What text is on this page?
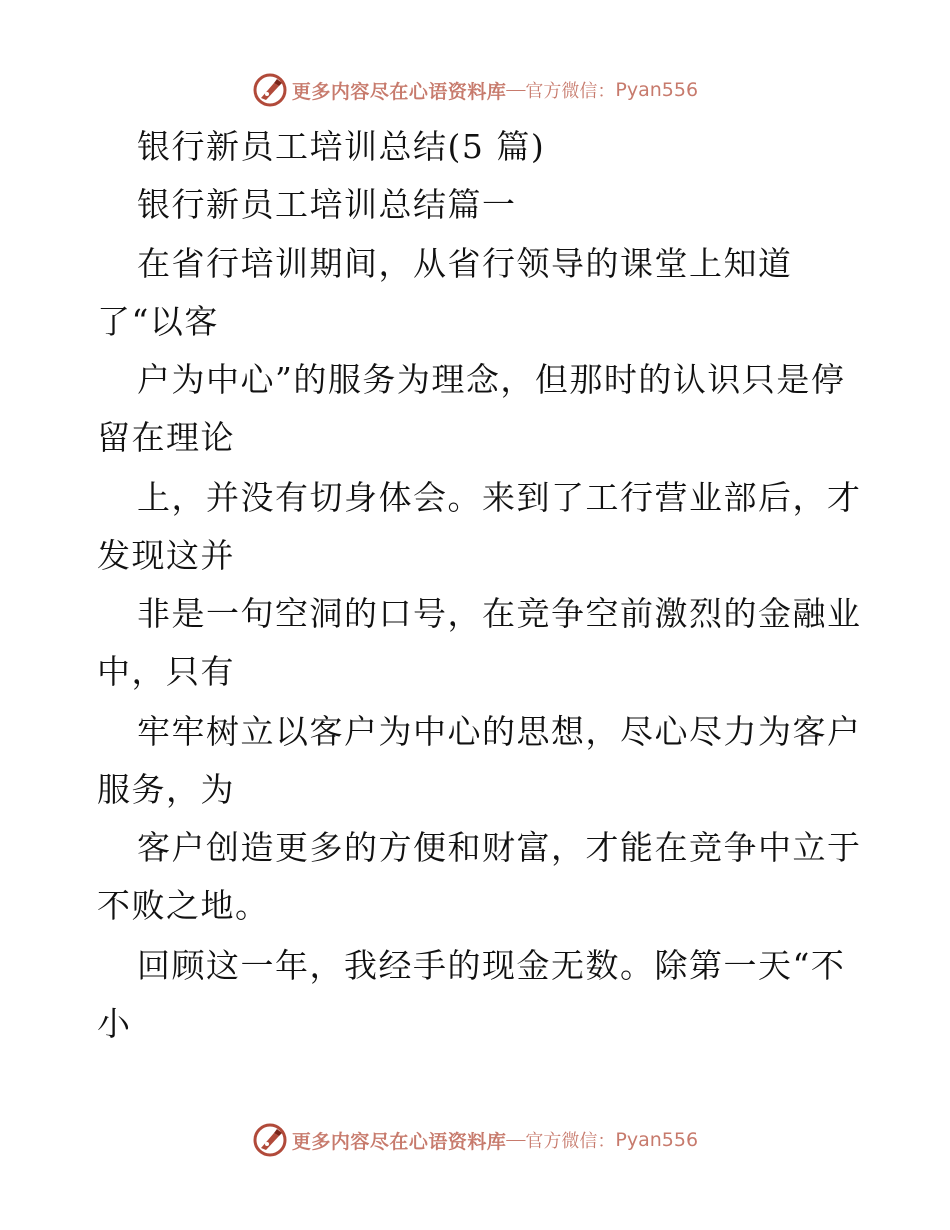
更多内容尽在心语资料库 — 官方微信： Pyan556
银行新员工培训总结(5 篇)
银行新员工培训总结篇一
在省行培训期间，从省行领导的课堂上知道
了“以客
户为中心”的服务为理念，但那时的认识只是停
留在理论
上，并没有切身体会。来到了工行营业部后，才
发现这并
非是一句空洞的口号，在竞争空前激烈的金融业
中，只有
牢牢树立以客户为中心的思想，尽心尽力为客户
服务，为
客户创造更多的方便和财富，才能在竞争中立于
不败之地。
回顾这一年，我经手的现金无数。除第一天“不
小
更多内容尽在心语资料库 — 官方微信： Pyan556
